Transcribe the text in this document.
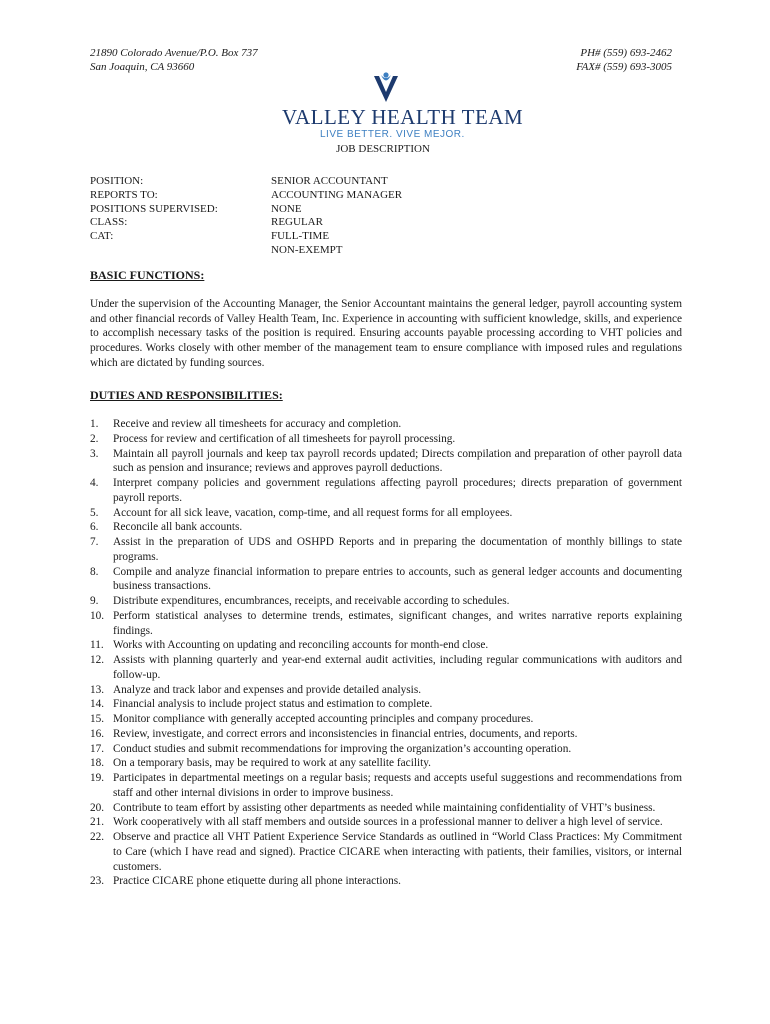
21890 Colorado Avenue/P.O. Box 737
San Joaquin, CA 93660
PH# (559) 693-2462
FAX# (559) 693-3005
VALLEY HEALTH TEAM
LIVE BETTER. VIVE MEJOR.
JOB DESCRIPTION
POSITION:	SENIOR ACCOUNTANT
REPORTS TO:	ACCOUNTING MANAGER
POSITIONS SUPERVISED:	NONE
CLASS:	REGULAR
CAT:	FULL-TIME
NON-EXEMPT
BASIC FUNCTIONS:
Under the supervision of the Accounting Manager, the Senior Accountant maintains the general ledger, payroll accounting system and other financial records of Valley Health Team, Inc. Experience in accounting with sufficient knowledge, skills, and experience to accomplish necessary tasks of the position is required. Ensuring accounts payable processing according to VHT policies and procedures. Works closely with other member of the management team to ensure compliance with imposed rules and regulations which are dictated by funding sources.
DUTIES AND RESPONSIBILITIES:
1. Receive and review all timesheets for accuracy and completion.
2. Process for review and certification of all timesheets for payroll processing.
3. Maintain all payroll journals and keep tax payroll records updated; Directs compilation and preparation of other payroll data such as pension and insurance; reviews and approves payroll deductions.
4. Interpret company policies and government regulations affecting payroll procedures; directs preparation of government payroll reports.
5. Account for all sick leave, vacation, comp-time, and all request forms for all employees.
6. Reconcile all bank accounts.
7. Assist in the preparation of UDS and OSHPD Reports and in preparing the documentation of monthly billings to state programs.
8. Compile and analyze financial information to prepare entries to accounts, such as general ledger accounts and documenting business transactions.
9. Distribute expenditures, encumbrances, receipts, and receivable according to schedules.
10. Perform statistical analyses to determine trends, estimates, significant changes, and writes narrative reports explaining findings.
11. Works with Accounting on updating and reconciling accounts for month-end close.
12. Assists with planning quarterly and year-end external audit activities, including regular communications with auditors and follow-up.
13. Analyze and track labor and expenses and provide detailed analysis.
14. Financial analysis to include project status and estimation to complete.
15. Monitor compliance with generally accepted accounting principles and company procedures.
16. Review, investigate, and correct errors and inconsistencies in financial entries, documents, and reports.
17. Conduct studies and submit recommendations for improving the organization’s accounting operation.
18. On a temporary basis, may be required to work at any satellite facility.
19. Participates in departmental meetings on a regular basis; requests and accepts useful suggestions and recommendations from staff and other internal divisions in order to improve business.
20. Contribute to team effort by assisting other departments as needed while maintaining confidentiality of VHT’s business.
21. Work cooperatively with all staff members and outside sources in a professional manner to deliver a high level of service.
22. Observe and practice all VHT Patient Experience Service Standards as outlined in “World Class Practices: My Commitment to Care (which I have read and signed). Practice CICARE when interacting with patients, their families, visitors, or internal customers.
23. Practice CICARE phone etiquette during all phone interactions.
